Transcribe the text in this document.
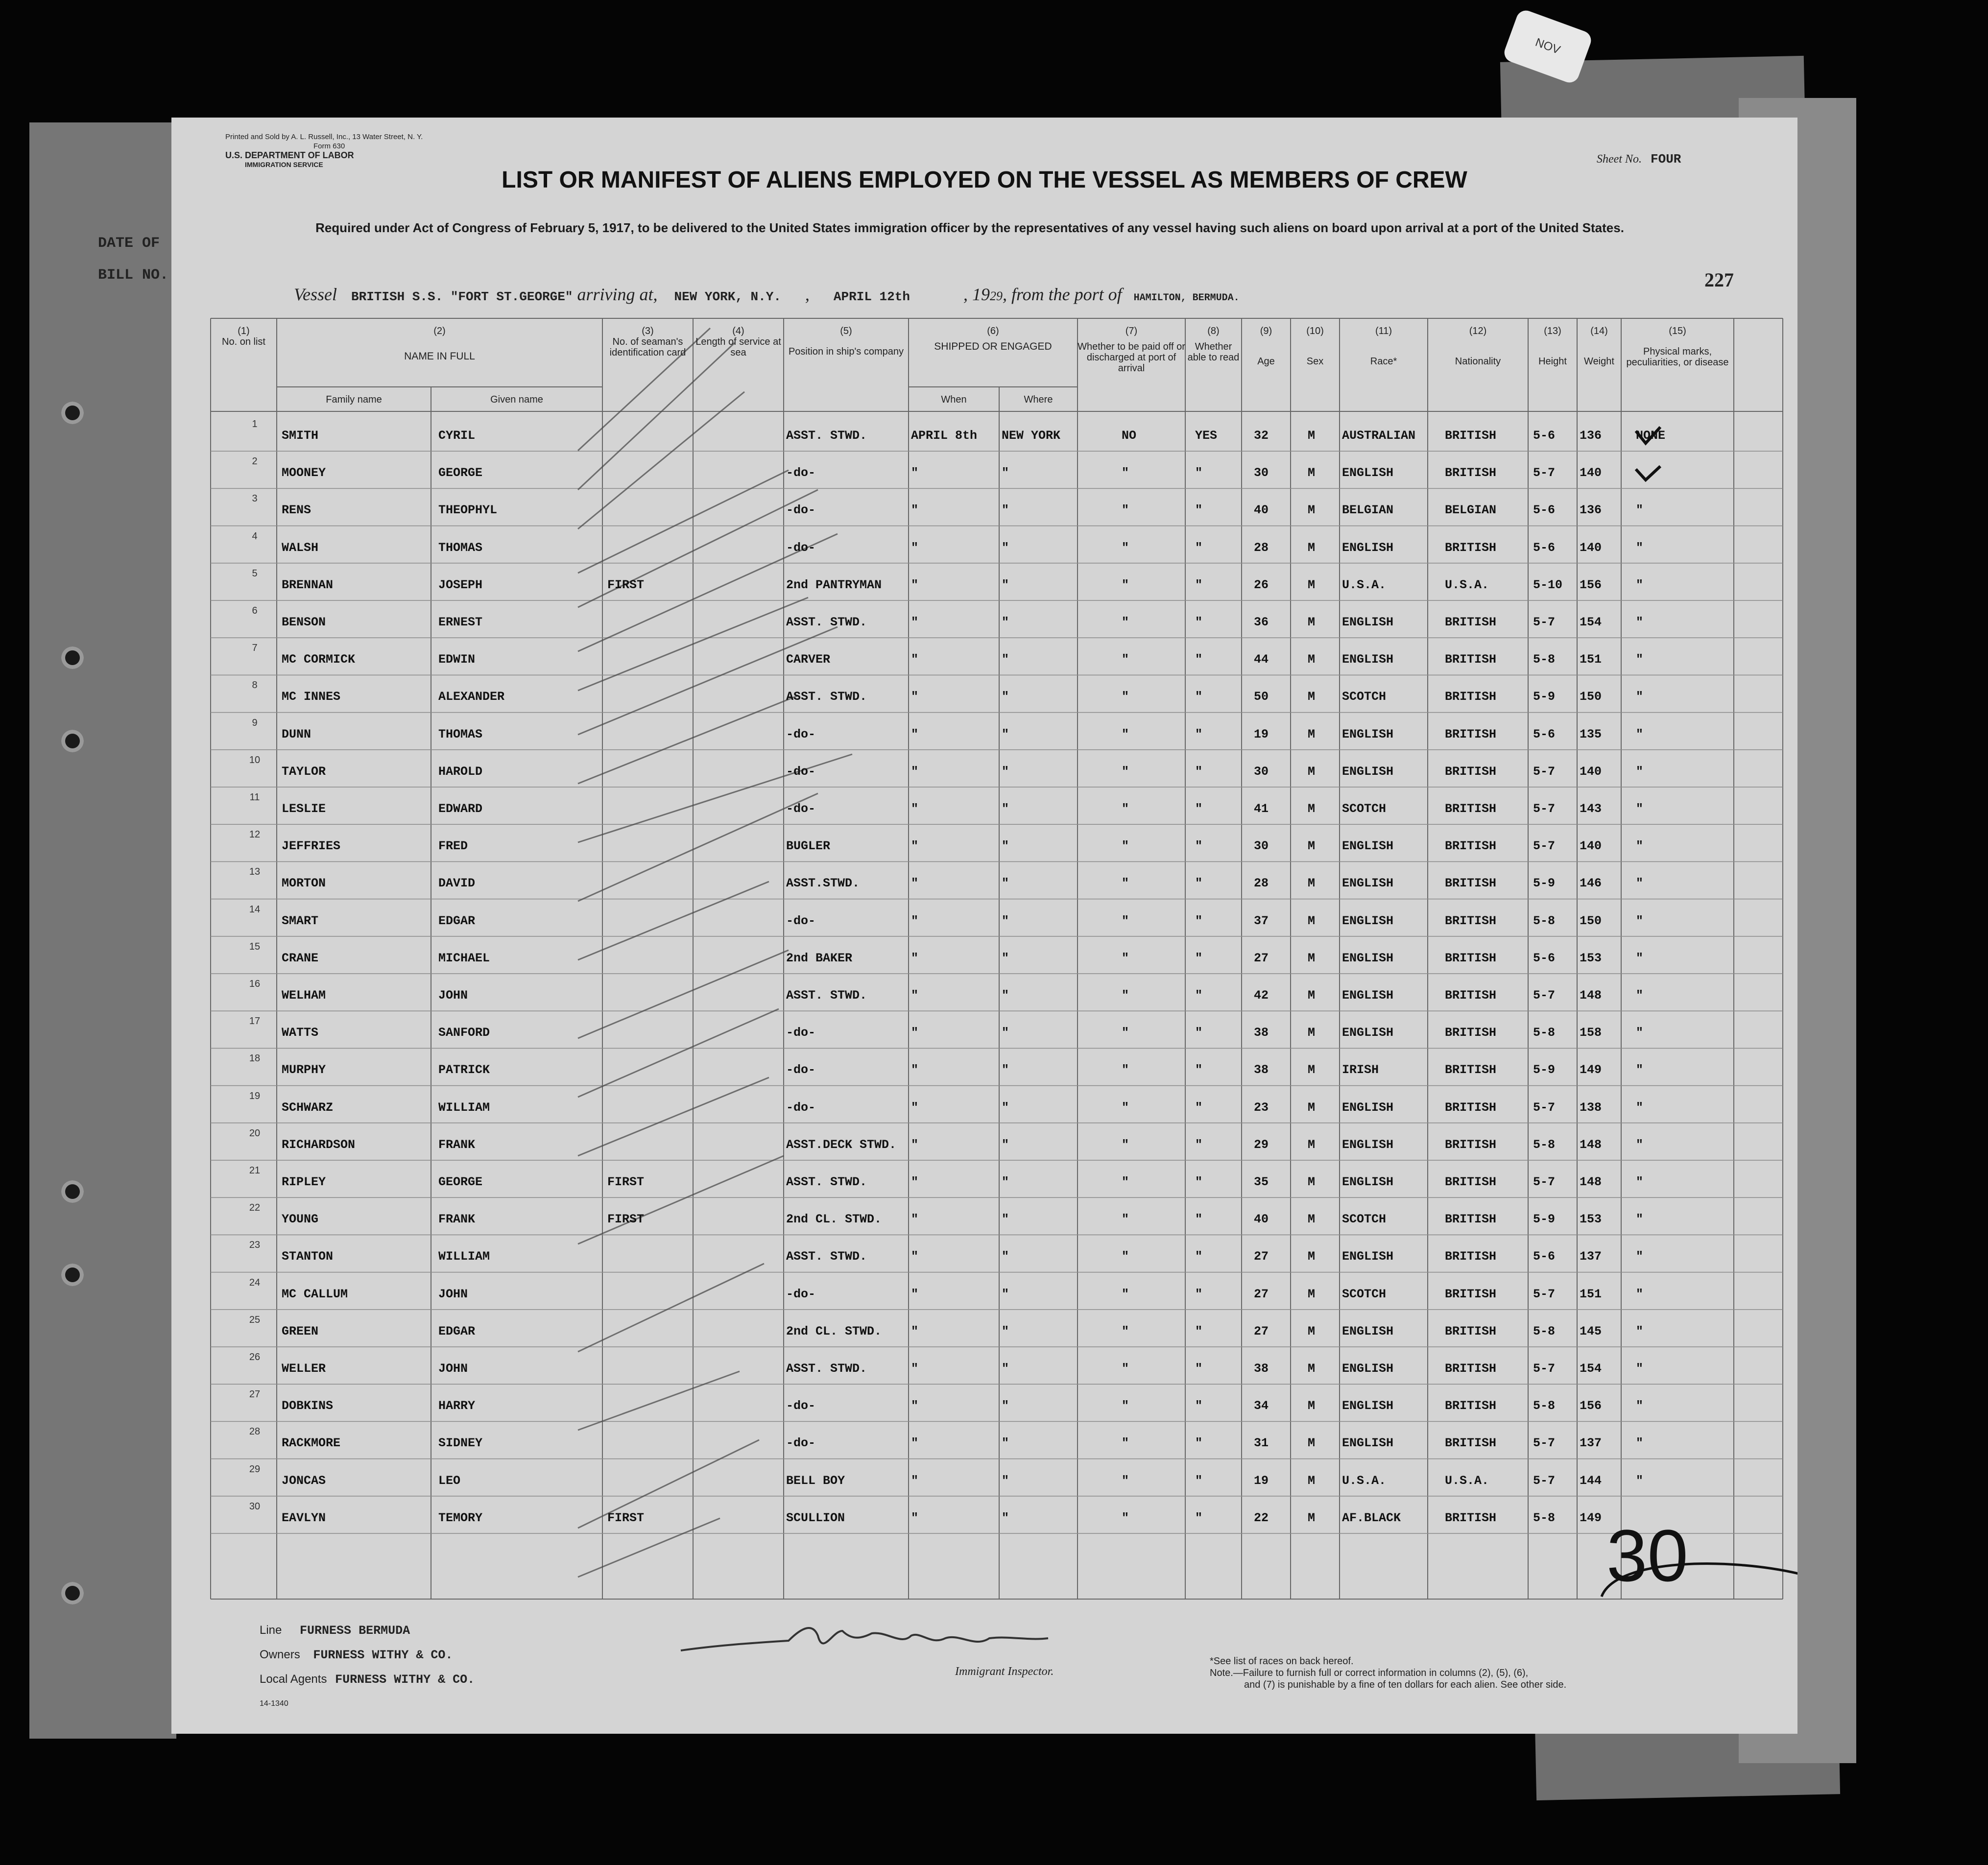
DATE OF
BILL NO.
NOV
Printed and Sold by A. L. Russell, Inc., 13 Water Street, N. Y.
Form 630
U.S. DEPARTMENT OF LABOR
IMMIGRATION SERVICE	Sheet No. FOUR
LIST OR MANIFEST OF ALIENS EMPLOYED ON THE VESSEL AS MEMBERS OF CREW
Required under Act of Congress of February 5, 1917, to be delivered to the United States immigration officer by the representatives of any vessel having such aliens on board upon arrival at a port of the United States.
227
Vessel BRITISH S.S. "FORT ST.GEORGE" arriving at, NEW YORK, N.Y. , APRIL 12th	, 1929, from the port of HAMILTON, BERMUDA.
(1)
No. on list
(2)
NAME IN FULL
Family name	Given name
(3)
No. of seaman's identification card
(4)
Length of service at sea
(5)
Position in ship's company
(6)
SHIPPED OR ENGAGED
When	Where
(7)
Whether to be paid off or discharged at port of arrival
(8)
Whether able to read
(9)
Age
(10)
Sex
(11)
Race*
(12)
Nationality
(13)
Height
(14)
Weight
(15)
Physical marks, peculiarities, or disease
1
SMITH	CYRIL	ASST. STWD.	APRIL 8th NEW YORK	NO	YES	32	M AUSTRALIAN BRITISH	5-6 136	NONE
2
MOONEY	GEORGE	-do-	"	"	"	"	30	M ENGLISH	BRITISH	5-7 140
3
RENS	THEOPHYL	-do-	"	"	"	"	40	M BELGIAN	BELGIAN	5-6 136	"
4
WALSH	THOMAS	-do-	"	"	"	"	28	M ENGLISH	BRITISH	5-6 140	"
5
BRENNAN	JOSEPH	FIRST	2nd PANTRYMAN "	"	"	"	26	M U.S.A.	U.S.A.	5-10 156	"
6
BENSON	ERNEST	ASST. STWD.	"	"	"	"	36	M ENGLISH	BRITISH	5-7 154	"
7
MC CORMICK	EDWIN	CARVER	"	"	"	"	44	M ENGLISH	BRITISH	5-8 151	"
8
MC INNES	ALEXANDER	ASST. STWD.	"	"	"	"	50	M SCOTCH	BRITISH	5-9 150	"
9
DUNN	THOMAS	-do-	"	"	"	"	19	M ENGLISH	BRITISH	5-6 135	"
10
TAYLOR	HAROLD	-do-	"	"	"	"	30	M ENGLISH	BRITISH	5-7 140	"
11
LESLIE	EDWARD	-do-	"	"	"	"	41	M SCOTCH	BRITISH	5-7 143	"
12
JEFFRIES	FRED	BUGLER	"	"	"	"	30	M ENGLISH	BRITISH	5-7 140	"
13
MORTON	DAVID	ASST.STWD.	"	"	"	"	28	M ENGLISH	BRITISH	5-9 146	"
14
SMART	EDGAR	-do-	"	"	"	"	37	M ENGLISH	BRITISH	5-8 150	"
15
CRANE	MICHAEL	2nd BAKER	"	"	"	"	27	M ENGLISH	BRITISH	5-6 153	"
16
WELHAM	JOHN	ASST. STWD.	"	"	"	"	42	M ENGLISH	BRITISH	5-7 148	"
17
WATTS	SANFORD	-do-	"	"	"	"	38	M ENGLISH	BRITISH	5-8 158	"
18
MURPHY	PATRICK	-do-	"	"	"	"	38	M IRISH	BRITISH	5-9 149	"
19
SCHWARZ	WILLIAM	-do-	"	"	"	"	23	M ENGLISH	BRITISH	5-7 138	"
20
RICHARDSON	FRANK	ASST.DECK STWD. "	"	"	"	29	M ENGLISH	BRITISH	5-8 148	"
21
RIPLEY	GEORGE	FIRST	ASST. STWD.	"	"	"	"	35	M ENGLISH	BRITISH	5-7 148	"
22
YOUNG	FRANK	FIRST	2nd CL. STWD. "	"	"	"	40	M SCOTCH	BRITISH	5-9 153	"
23
STANTON	WILLIAM	ASST. STWD.	"	"	"	"	27	M ENGLISH	BRITISH	5-6 137	"
24
MC CALLUM	JOHN	-do-	"	"	"	"	27	M SCOTCH	BRITISH	5-7 151	"
25
GREEN	EDGAR	2nd CL. STWD. "	"	"	"	27	M ENGLISH	BRITISH	5-8 145	"
26
WELLER	JOHN	ASST. STWD.	"	"	"	"	38	M ENGLISH	BRITISH	5-7 154	"
27
DOBKINS	HARRY	-do-	"	"	"	"	34	M ENGLISH	BRITISH	5-8 156	"
28
RACKMORE	SIDNEY	-do-	"	"	"	"	31	M ENGLISH	BRITISH	5-7 137	"
29
JONCAS	LEO	BELL BOY	"	"	"	"	19	M U.S.A.	U.S.A.	5-7 144	"
30
EAVLYN	TEMORY	FIRST	SCULLION	"	"	"	"	22	M AF.BLACK	BRITISH	5-8 149
Line FURNESS BERMUDA
Owners FURNESS WITHY & CO.
Local Agents FURNESS WITHY & CO.
14-1340
Immigrant Inspector.
*See list of races on back hereof.
Note.—Failure to furnish full or correct information in columns (2), (5), (6),
and (7) is punishable by a fine of ten dollars for each alien. See other side.
30
